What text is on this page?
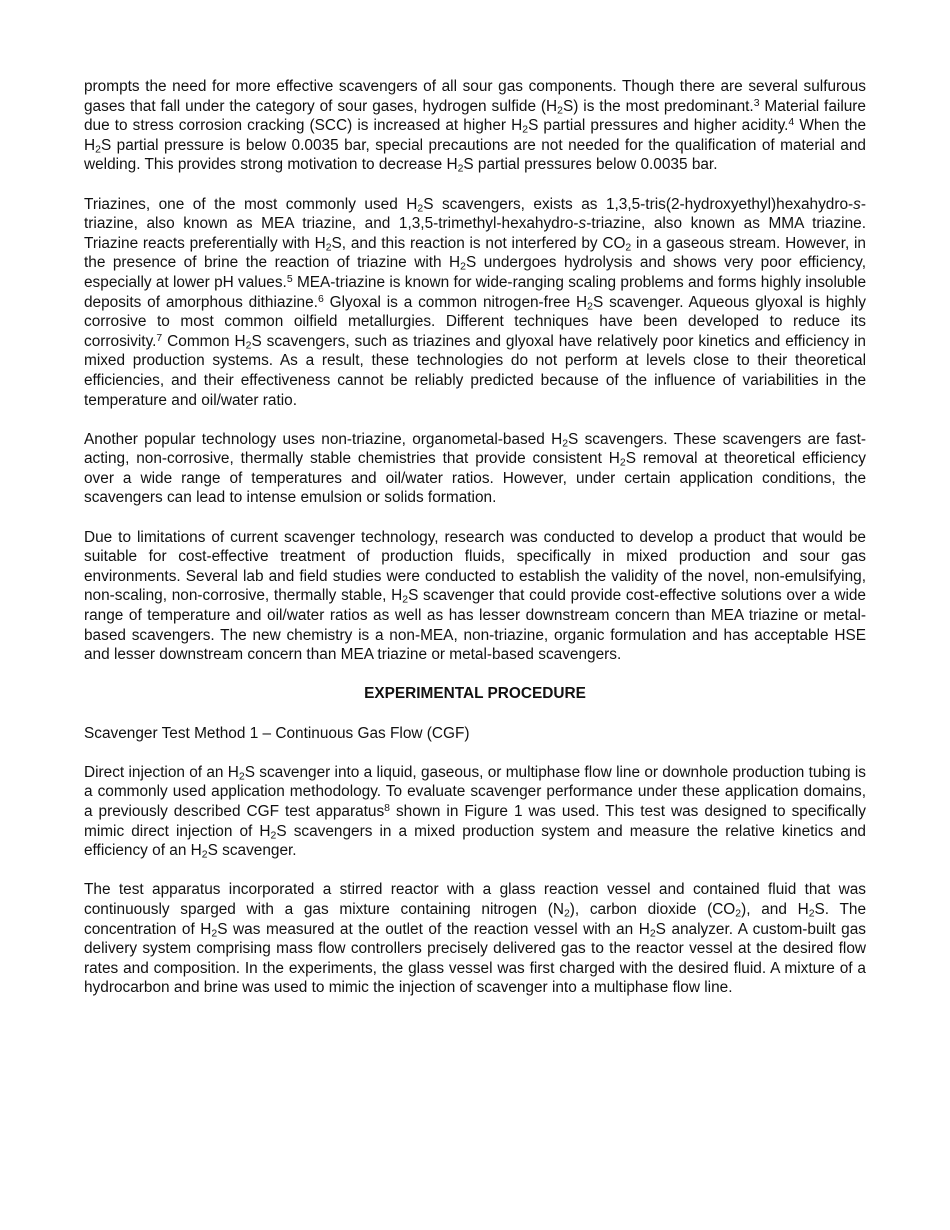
prompts the need for more effective scavengers of all sour gas components. Though there are several sulfurous gases that fall under the category of sour gases, hydrogen sulfide $(H_2S)$ is the most predominant.$^3$ Material failure due to stress corrosion cracking (SCC) is increased at higher $H_2S$ partial pressures and higher acidity.$^4$ When the $H_2S$ partial pressure is below 0.0035 bar, special precautions are not needed for the qualification of material and welding. This provides strong motivation to decrease $H_2S$ partial pressures below 0.0035 bar.

Triazines, one of the most commonly used $H_2S$ scavengers, exists as 1,3,5-tris(2-hydroxyethyl)hexahydro-s-triazine, also known as MEA triazine, and 1,3,5-trimethyl-hexahydro-s-triazine, also known as MMA triazine. Triazine reacts preferentially with $H_2S$, and this reaction is not interfered by $CO_2$ in a gaseous stream. However, in the presence of brine the reaction of triazine with $H_2S$ undergoes hydrolysis and shows very poor efficiency, especially at lower pH values.$^5$ MEA-triazine is known for wide-ranging scaling problems and forms highly insoluble deposits of amorphous dithiazine.$^6$ Glyoxal is a common nitrogen-free $H_2S$ scavenger. Aqueous glyoxal is highly corrosive to most common oilfield metallurgies. Different techniques have been developed to reduce its corrosivity.$^7$ Common $H_2S$ scavengers, such as triazines and glyoxal have relatively poor kinetics and efficiency in mixed production systems. As a result, these technologies do not perform at levels close to their theoretical efficiencies, and their effectiveness cannot be reliably predicted because of the influence of variabilities in the temperature and oil/water ratio.

Another popular technology uses non-triazine, organometal-based $H_2S$ scavengers. These scavengers are fast-acting, non-corrosive, thermally stable chemistries that provide consistent $H_2S$ removal at theoretical efficiency over a wide range of temperatures and oil/water ratios. However, under certain application conditions, the scavengers can lead to intense emulsion or solids formation.

Due to limitations of current scavenger technology, research was conducted to develop a product that would be suitable for cost-effective treatment of production fluids, specifically in mixed production and sour gas environments. Several lab and field studies were conducted to establish the validity of the novel, non-emulsifying, non-scaling, non-corrosive, thermally stable, $H_2S$ scavenger that could provide cost-effective solutions over a wide range of temperature and oil/water ratios as well as has lesser downstream concern than MEA triazine or metal-based scavengers. The new chemistry is a non-MEA, non-triazine, organic formulation and has acceptable HSE and lesser downstream concern than MEA triazine or metal-based scavengers.

EXPERIMENTAL PROCEDURE

Scavenger Test Method 1 – Continuous Gas Flow (CGF)

Direct injection of an $H_2S$ scavenger into a liquid, gaseous, or multiphase flow line or downhole production tubing is a commonly used application methodology. To evaluate scavenger performance under these application domains, a previously described CGF test apparatus$^8$ shown in Figure 1 was used. This test was designed to specifically mimic direct injection of $H_2S$ scavengers in a mixed production system and measure the relative kinetics and efficiency of an $H_2S$ scavenger.

The test apparatus incorporated a stirred reactor with a glass reaction vessel and contained fluid that was continuously sparged with a gas mixture containing nitrogen $(N_2)$, carbon dioxide $(CO_2)$, and $H_2S$. The concentration of $H_2S$ was measured at the outlet of the reaction vessel with an $H_2S$ analyzer. A custom-built gas delivery system comprising mass flow controllers precisely delivered gas to the reactor vessel at the desired flow rates and composition. In the experiments, the glass vessel was first charged with the desired fluid. A mixture of a hydrocarbon and brine was used to mimic the injection of scavenger into a multiphase flow line.
